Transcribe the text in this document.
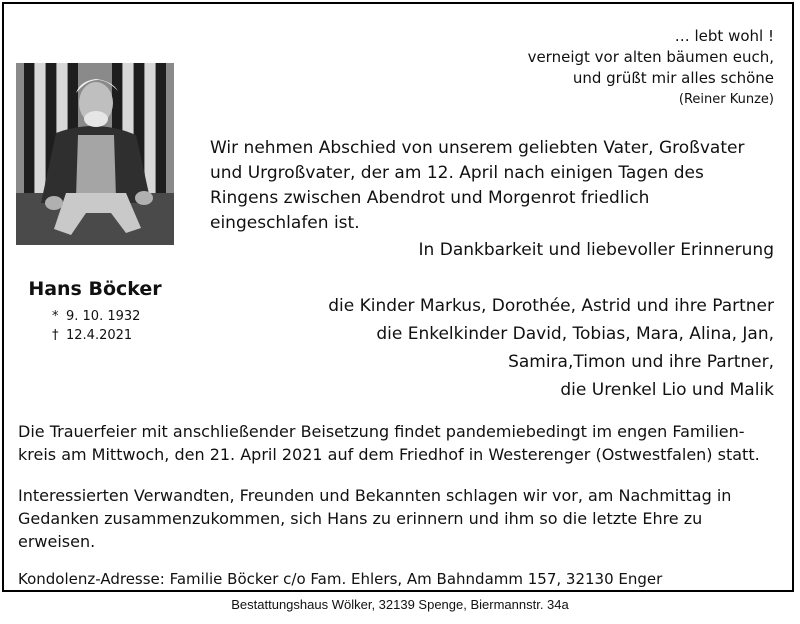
… lebt wohl !
verneigt vor alten bäumen euch,
und grüßt mir alles schöne
(Reiner Kunze)
Hans Böcker
* 9. 10. 1932
† 12.4.2021
Wir nehmen Abschied von unserem geliebten Vater, Großvater
und Urgroßvater, der am 12. April nach einigen Tagen des
Ringens zwischen Abendrot und Morgenrot friedlich
eingeschlafen ist.
In Dankbarkeit und liebevoller Erinnerung
die Kinder Markus, Dorothée, Astrid und ihre Partner
die Enkelkinder David, Tobias, Mara, Alina, Jan,
Samira,Timon und ihre Partner,
die Urenkel Lio und Malik
Die Trauerfeier mit anschließender Beisetzung findet pandemiebedingt im engen Familien-
kreis am Mittwoch, den 21. April 2021 auf dem Friedhof in Westerenger (Ostwestfalen) statt.
Interessierten Verwandten, Freunden und Bekannten schlagen wir vor, am Nachmittag in
Gedanken zusammenzukommen, sich Hans zu erinnern und ihm so die letzte Ehre zu
erweisen.
Kondolenz-Adresse: Familie Böcker c/o Fam. Ehlers, Am Bahndamm 157, 32130 Enger
Bestattungshaus Wölker, 32139 Spenge, Biermannstr. 34a
